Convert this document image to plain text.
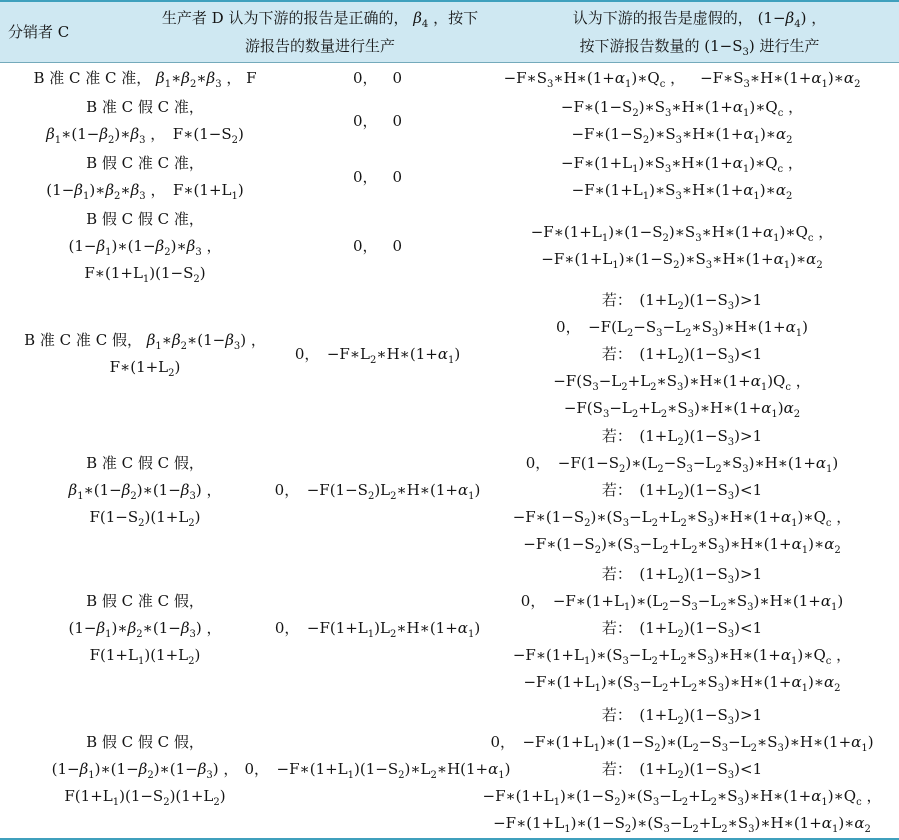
分销者 C
生产者 D 认为下游的报告是正确的， $\beta_4$ ，按下
游报告的数量进行生产
认为下游的报告是虚假的， $(1-\beta_4)$ ，
按下游报告数量的 $(1-S_3)$ 进行生产
B 准 C 准 C 准， $\beta_1∗\beta_2∗\beta_3$ ， F	0， 0	$-F∗S_3∗H∗(1+\alpha_1)∗Q_c$ ， $-F∗S_3∗H∗(1+\alpha_1)∗\alpha_2$
B 准 C 假 C 准，
$\beta_1∗(1-\beta_2)∗\beta_3$ ， $F∗(1-S_2)$
0， 0
$-F∗(1-S_2)∗S_3∗H∗(1+\alpha_1)∗Q_c$ ，
$-F∗(1-S_2)∗S_3∗H∗(1+\alpha_1)∗\alpha_2$
B 假 C 准 C 准，
$(1-\beta_1)∗\beta_2∗\beta_3$ ， $F∗(1+L_1)$
0， 0
$-F∗(1+L_1)∗S_3∗H∗(1+\alpha_1)∗Q_c$ ，
$-F∗(1+L_1)∗S_3∗H∗(1+\alpha_1)∗\alpha_2$
B 假 C 假 C 准，
$(1-\beta_1)∗(1-\beta_2)∗\beta_3$ ，
$F∗(1+L_1)(1-S_2)$
0， 0
$-F∗(1+L_1)∗(1-S_2)∗S_3∗H∗(1+\alpha_1)∗Q_c$ ，
$-F∗(1+L_1)∗(1-S_2)∗S_3∗H∗(1+\alpha_1)∗\alpha_2$
B 准 C 准 C 假， $\beta_1∗\beta_2∗(1-\beta_3)$ ，
$F∗(1+L_2)$
0， $-F∗L_2∗H∗(1+\alpha_1)$
若： $(1+L_2)(1-S_3)>1$
0， $-F(L_2-S_3-L_2∗S_3)∗H∗(1+\alpha_1)$
若： $(1+L_2)(1-S_3)<1$
$-F(S_3-L_2+L_2∗S_3)∗H∗(1+\alpha_1)Q_c$ ，
$-F(S_3-L_2+L_2∗S_3)∗H∗(1+\alpha_1)\alpha_2$
B 准 C 假 C 假，
$\beta_1∗(1-\beta_2)∗(1-\beta_3)$ ，
$F(1-S_2)(1+L_2)$
0， $-F(1-S_2)L_2∗H∗(1+\alpha_1)$
若： $(1+L_2)(1-S_3)>1$
0， $-F(1-S_2)∗(L_2-S_3-L_2∗S_3)∗H∗(1+\alpha_1)$
若： $(1+L_2)(1-S_3)<1$
$-F∗(1-S_2)∗(S_3-L_2+L_2∗S_3)∗H∗(1+\alpha_1)∗Q_c$ ，
$-F∗(1-S_2)∗(S_3-L_2+L_2∗S_3)∗H∗(1+\alpha_1)∗\alpha_2$
B 假 C 准 C 假，
$(1-\beta_1)∗\beta_2∗(1-\beta_3)$ ，
$F(1+L_1)(1+L_2)$
0， $-F(1+L_1)L_2∗H∗(1+\alpha_1)$
若： $(1+L_2)(1-S_3)>1$
0， $-F∗(1+L_1)∗(L_2-S_3-L_2∗S_3)∗H∗(1+\alpha_1)$
若： $(1+L_2)(1-S_3)<1$
$-F∗(1+L_1)∗(S_3-L_2+L_2∗S_3)∗H∗(1+\alpha_1)∗Q_c$ ，
$-F∗(1+L_1)∗(S_3-L_2+L_2∗S_3)∗H∗(1+\alpha_1)∗\alpha_2$
B 假 C 假 C 假，
$(1-\beta_1)∗(1-\beta_2)∗(1-\beta_3)$ ，
$F(1+L_1)(1-S_2)(1+L_2)$
0， $-F∗(1+L_1)(1-S_2)∗L_2∗H(1+\alpha_1)$
若： $(1+L_2)(1-S_3)>1$
0， $-F∗(1+L_1)∗(1-S_2)∗(L_2-S_3-L_2∗S_3)∗H∗(1+\alpha_1)$
若： $(1+L_2)(1-S_3)<1$
$-F∗(1+L_1)∗(1-S_2)∗(S_3-L_2+L_2∗S_3)∗H∗(1+\alpha_1)∗Q_c$ ，
$-F∗(1+L_1)∗(1-S_2)∗(S_3-L_2+L_2∗S_3)∗H∗(1+\alpha_1)∗\alpha_2$
